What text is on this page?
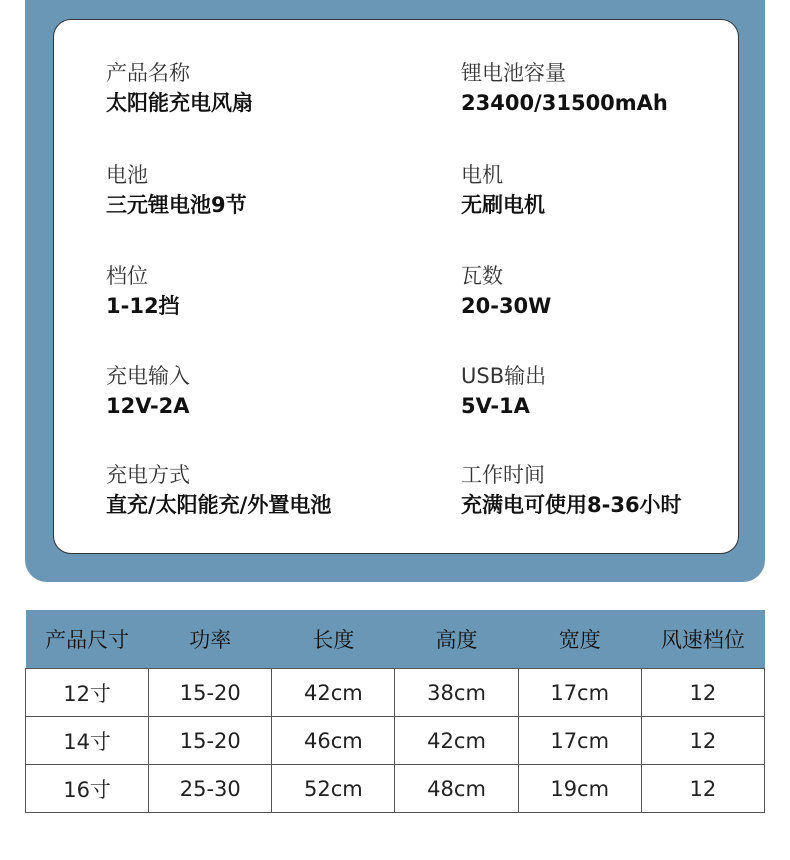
产品名称
太阳能充电风扇
锂电池容量
23400/31500mAh
电池
三元锂电池9节
电机
无刷电机
档位
1-12挡
瓦数
20-30W
充电输入
12V-2A
USB输出
5V-1A
充电方式
直充/太阳能充/外置电池
工作时间
充满电可使用8-36小时
产品尺寸	功率	长度	高度	宽度	风速档位
12寸	15-20	42cm	38cm	17cm	12
14寸	15-20	46cm	42cm	17cm	12
16寸	25-30	52cm	48cm	19cm	12
